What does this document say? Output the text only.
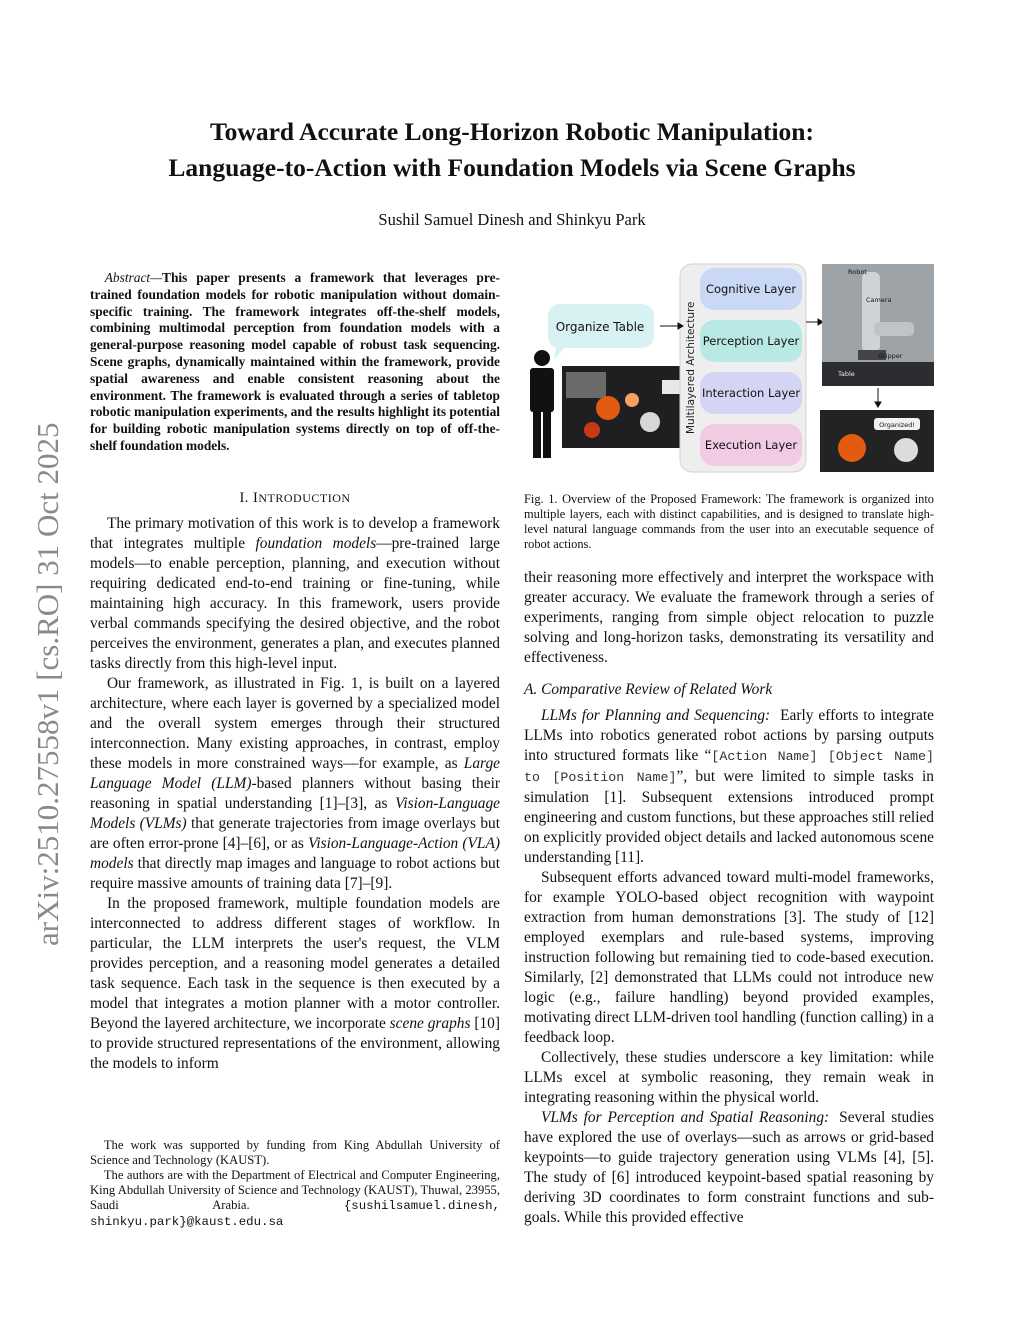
arXiv:2510.27558v1 [cs.RO] 31 Oct 2025
Toward Accurate Long-Horizon Robotic Manipulation:
Language-to-Action with Foundation Models via Scene Graphs
Sushil Samuel Dinesh and Shinkyu Park

Abstract—This paper presents a framework that leverages pre-trained foundation models for robotic manipulation without domain-specific training. The framework integrates off-the-shelf models, combining multimodal perception from foundation models with a general-purpose reasoning model capable of robust task sequencing. Scene graphs, dynamically maintained within the framework, provide spatial awareness and enable consistent reasoning about the environment. The framework is evaluated through a series of tabletop robotic manipulation experiments, and the results highlight its potential for building robotic manipulation systems directly on top of off-the-shelf foundation models.

I. INTRODUCTION

The primary motivation of this work is to develop a framework that integrates multiple foundation models—pre-trained large models—to enable perception, planning, and execution without requiring dedicated end-to-end training or fine-tuning, while maintaining high accuracy. In this framework, users provide verbal commands specifying the desired objective, and the robot perceives the environment, generates a plan, and executes planned tasks directly from this high-level input.

Our framework, as illustrated in Fig. 1, is built on a layered architecture, where each layer is governed by a specialized model and the overall system emerges through their structured interconnection. Many existing approaches, in contrast, employ these models in more constrained ways—for example, as Large Language Model (LLM)-based planners without basing their reasoning in spatial understanding [1]–[3], as Vision-Language Models (VLMs) that generate trajectories from image overlays but are often error-prone [4]–[6], or as Vision-Language-Action (VLA) models that directly map images and language to robot actions but require massive amounts of training data [7]–[9].

In the proposed framework, multiple foundation models are interconnected to address different stages of workflow. In particular, the LLM interprets the user's request, the VLM provides perception, and a reasoning model generates a detailed task sequence. Each task in the sequence is then executed by a model that integrates a motion planner with a motor controller. Beyond the layered architecture, we incorporate scene graphs [10] to provide structured representations of the environment, allowing the models to inform

The work was supported by funding from King Abdullah University of Science and Technology (KAUST).

The authors are with the Department of Electrical and Computer Engineering, King Abdullah University of Science and Technology (KAUST), Thuwal, 23955, Saudi Arabia. {sushilsamuel.dinesh, shinkyu.park}@kaust.edu.sa

Organize Table	Multilayered Architecture
Cognitive Layer
Perception Layer
Interaction Layer
Execution Layer
Robot
Camera
Gripper
Table
Organized!
Fig. 1. Overview of the Proposed Framework: The framework is organized into multiple layers, each with distinct capabilities, and is designed to translate high-level natural language commands from the user into an executable sequence of robot actions.

their reasoning more effectively and interpret the workspace with greater accuracy. We evaluate the framework through a series of experiments, ranging from simple object relocation to puzzle solving and long-horizon tasks, demonstrating its versatility and effectiveness.

A. Comparative Review of Related Work

LLMs for Planning and Sequencing: Early efforts to integrate LLMs into robotics generated robot actions by parsing outputs into structured formats like “[Action Name] [Object Name] to [Position Name]”, but were limited to simple tasks in simulation [1]. Subsequent extensions introduced prompt engineering and custom functions, but these approaches still relied on explicitly provided object details and lacked autonomous scene understanding [11].

Subsequent efforts advanced toward multi-model frameworks, for example YOLO-based object recognition with waypoint extraction from human demonstrations [3]. The study of [12] employed exemplars and rule-based systems, improving instruction following but remaining tied to code-based execution. Similarly, [2] demonstrated that LLMs could not introduce new logic (e.g., failure handling) beyond provided examples, motivating direct LLM-driven tool handling (function calling) in a feedback loop.

Collectively, these studies underscore a key limitation: while LLMs excel at symbolic reasoning, they remain weak in integrating reasoning within the physical world.

VLMs for Perception and Spatial Reasoning: Several studies have explored the use of overlays—such as arrows or grid-based keypoints—to guide trajectory generation using VLMs [4], [5]. The study of [6] introduced keypoint-based spatial reasoning by deriving 3D coordinates to form constraint functions and sub-goals. While this provided effective
